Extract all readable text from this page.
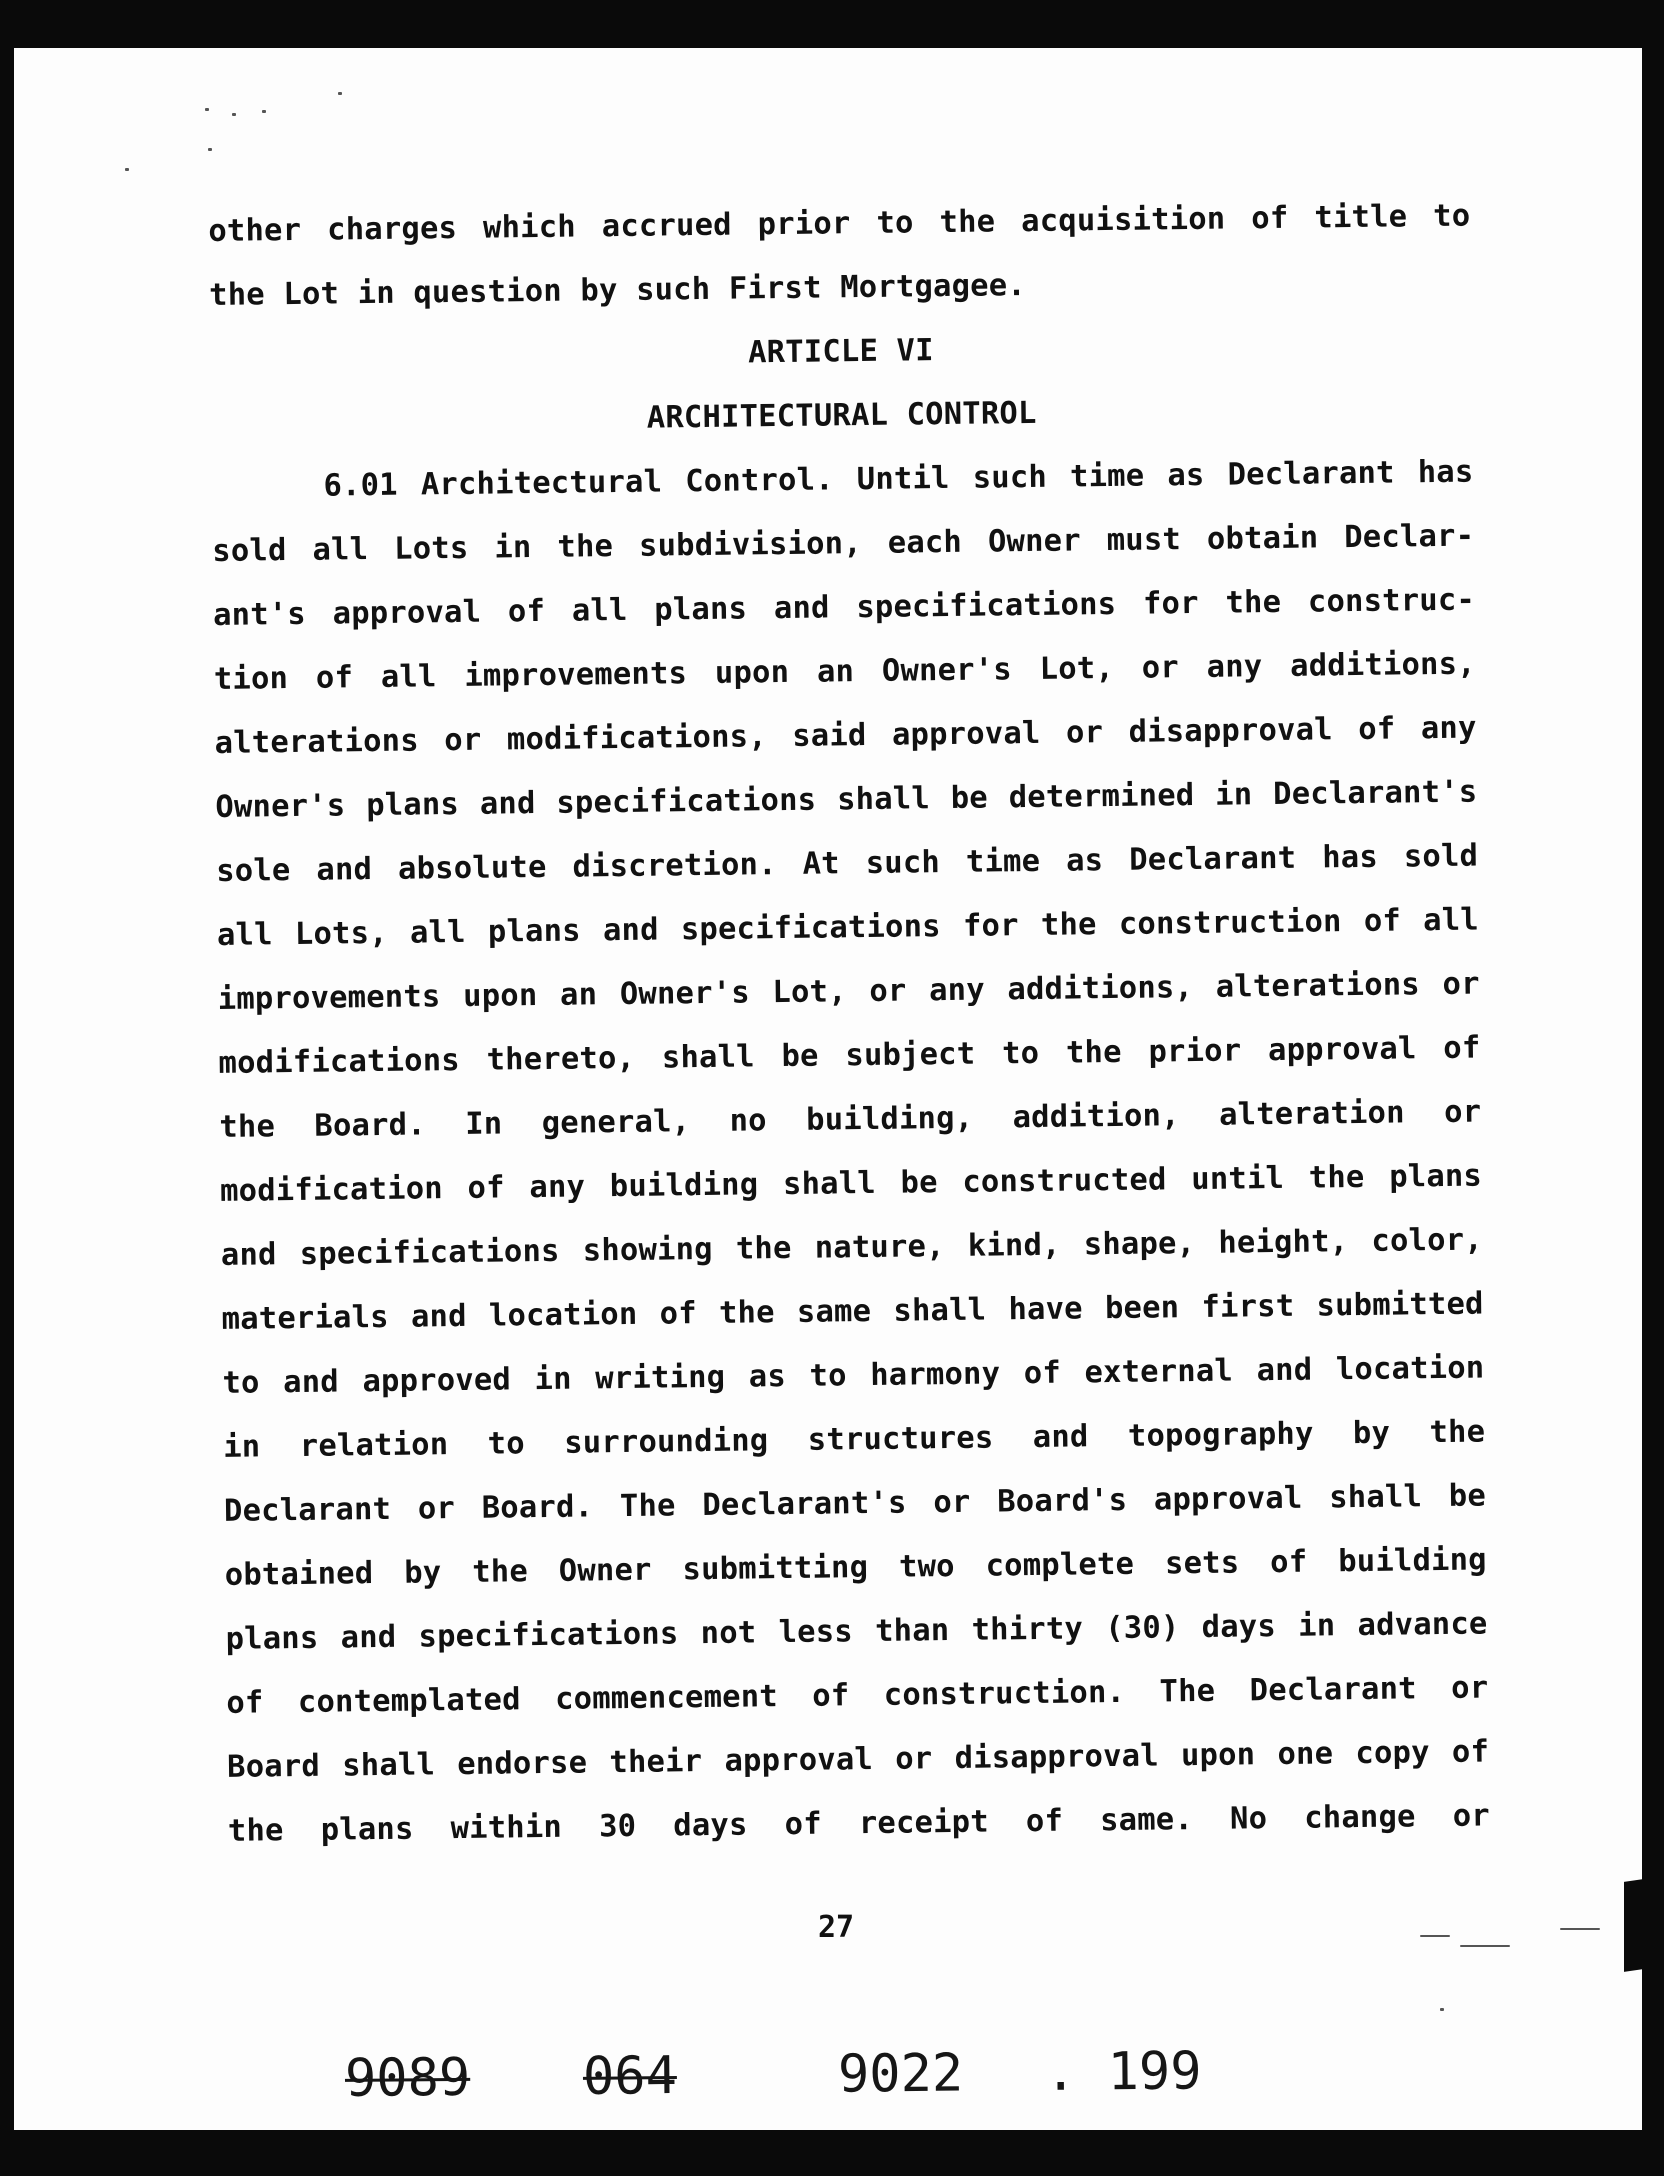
other charges which accrued prior to the acquisition of title to
the Lot in question by such First Mortgagee.
ARTICLE VI
ARCHITECTURAL CONTROL
6.01 Architectural Control. Until such time as Declarant has
sold all Lots in the subdivision, each Owner must obtain Declar-
ant's approval of all plans and specifications for the construc-
tion of all improvements upon an Owner's Lot, or any additions,
alterations or modifications, said approval or disapproval of any
Owner's plans and specifications shall be determined in Declarant's
sole and absolute discretion. At such time as Declarant has sold
all Lots, all plans and specifications for the construction of all
improvements upon an Owner's Lot, or any additions, alterations or
modifications thereto, shall be subject to the prior approval of
the Board. In general, no building, addition, alteration or
modification of any building shall be constructed until the plans
and specifications showing the nature, kind, shape, height, color,
materials and location of the same shall have been first submitted
to and approved in writing as to harmony of external and location
in relation to surrounding structures and topography by the
Declarant or Board. The Declarant's or Board's approval shall be
obtained by the Owner submitting two complete sets of building
plans and specifications not less than thirty (30) days in advance
of contemplated commencement of construction. The Declarant or
Board shall endorse their approval or disapproval upon one copy of
the plans within 30 days of receipt of same. No change or
27
9089 064	9022 . 199
